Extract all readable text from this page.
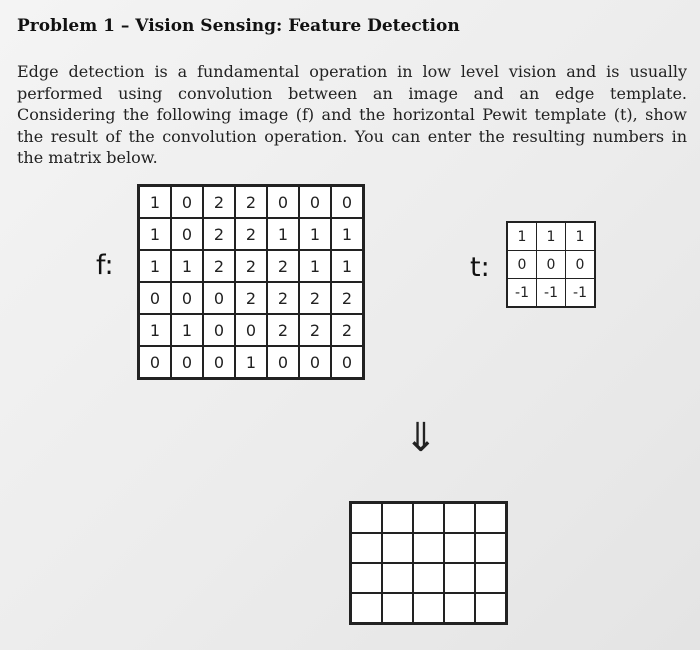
Problem 1 – Vision Sensing: Feature Detection
Edge detection is a fundamental operation in low level vision and is usually performed using convolution between an image and an edge template. Considering the following image (f) and the horizontal Pewit template (t), show the result of the convolution operation. You can enter the resulting numbers in the matrix below.
f:
1	0	2	2	0	0	0
1	0	2	2	1	1	1
1	1	2	2	2	1	1
0	0	0	2	2	2	2
1	1	0	0	2	2	2
0	0	0	1	0	0	0
t:
1	1	1
0	0	0
-1	-1	-1
⇓
